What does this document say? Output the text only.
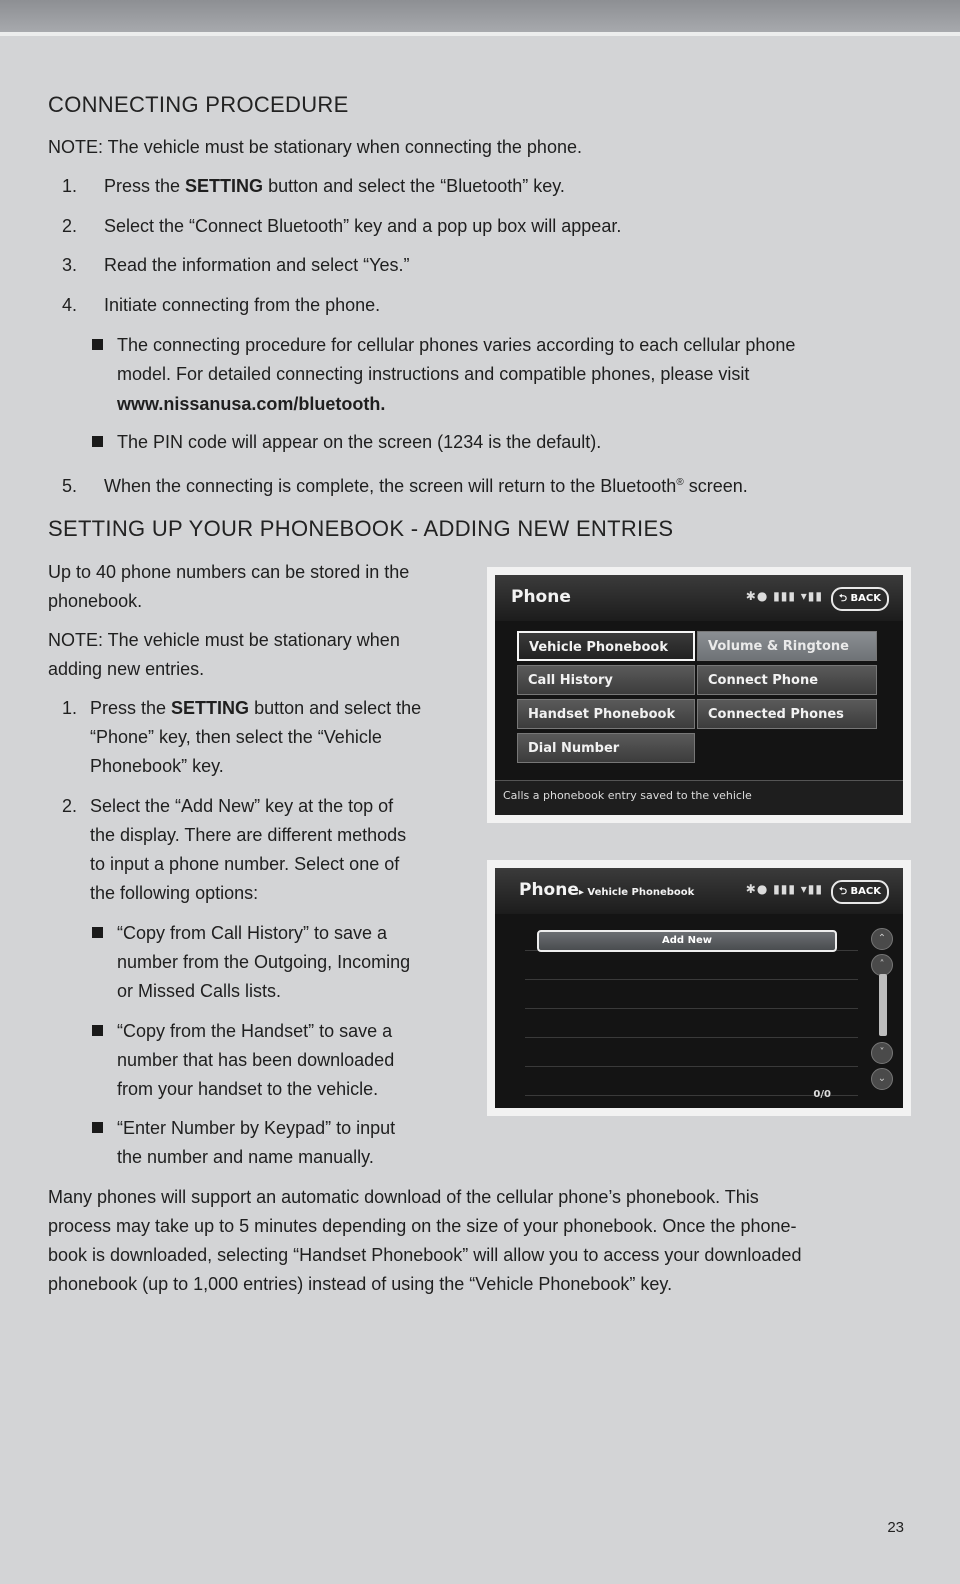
CONNECTING PROCEDURE

NOTE: The vehicle must be stationary when connecting the phone.

1. Press the SETTING button and select the “Bluetooth” key.

2. Select the “Connect Bluetooth” key and a pop up box will appear.

3. Read the information and select “Yes.”

4. Initiate connecting from the phone.

The connecting procedure for cellular phones varies according to each cellular phone

model. For detailed connecting instructions and compatible phones, please visit

www.nissanusa.com/bluetooth.

The PIN code will appear on the screen (1234 is the default).

5. When the connecting is complete, the screen will return to the Bluetooth® screen.

SETTING UP YOUR PHONEBOOK - ADDING NEW ENTRIES

Up to 40 phone numbers can be stored in the

phonebook.

NOTE: The vehicle must be stationary when

adding new entries.

1. Press the SETTING button and select the

“Phone” key, then select the “Vehicle

Phonebook” key.

2. Select the “Add New” key at the top of

the display. There are different methods

to input a phone number. Select one of

the following options:

“Copy from Call History” to save a

number from the Outgoing, Incoming

or Missed Calls lists.

“Copy from the Handset” to save a

number that has been downloaded

from your handset to the vehicle.

“Enter Number by Keypad” to input

the number and name manually.

Many phones will support an automatic download of the cellular phone’s phonebook. This

process may take up to 5 minutes depending on the size of your phonebook. Once the phone-

book is downloaded, selecting “Handset Phonebook” will allow you to access your downloaded

phonebook (up to 1,000 entries) instead of using the “Vehicle Phonebook” key.

Phone	✱● ▮▮▮ ▾▮▮	⮌ BACK
Vehicle Phonebook
Call History
Handset Phonebook
Dial Number
Volume & Ringtone
Connect Phone
Connected Phones
Calls a phonebook entry saved to the vehicle
Phone▸ Vehicle Phonebook	✱● ▮▮▮ ▾▮▮	⮌ BACK
Add New	⌃
˄
˅
⌄
0/0
23
